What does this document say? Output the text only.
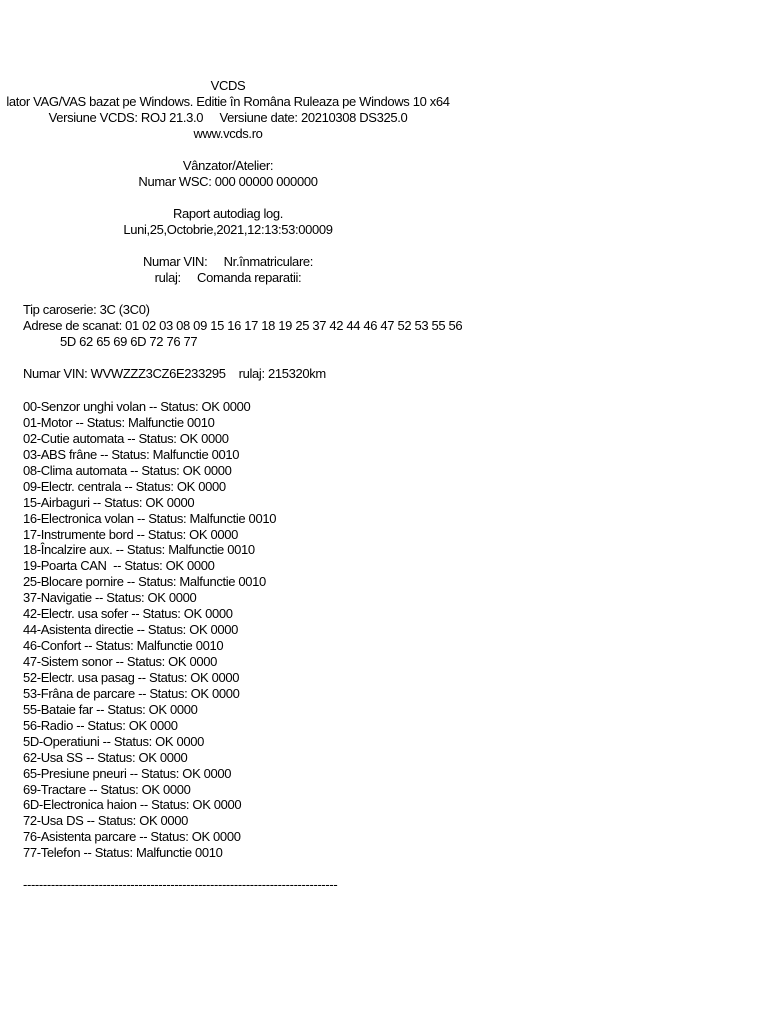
VCDS
lator VAG/VAS bazat pe Windows. Editie în Româna Ruleaza pe Windows 10 x64
Versiune VCDS: ROJ 21.3.0     Versiune date: 20210308 DS325.0
www.vcds.ro
Vânzator/Atelier:
Numar WSC: 000 00000 000000
Raport autodiag log.
Luni,25,Octobrie,2021,12:13:53:00009
Numar VIN:     Nr.înmatriculare:
rulaj:     Comanda reparatii:
Tip caroserie: 3C (3C0)
Adrese de scanat: 01 02 03 08 09 15 16 17 18 19 25 37 42 44 46 47 52 53 55 56
5D 62 65 69 6D 72 76 77
Numar VIN: WVWZZZ3CZ6E233295    rulaj: 215320km
00-Senzor unghi volan -- Status: OK 0000
01-Motor -- Status: Malfunctie 0010
02-Cutie automata -- Status: OK 0000
03-ABS frâne -- Status: Malfunctie 0010
08-Clima automata -- Status: OK 0000
09-Electr. centrala -- Status: OK 0000
15-Airbaguri -- Status: OK 0000
16-Electronica volan -- Status: Malfunctie 0010
17-Instrumente bord -- Status: OK 0000
18-Încalzire aux. -- Status: Malfunctie 0010
19-Poarta CAN  -- Status: OK 0000
25-Blocare pornire -- Status: Malfunctie 0010
37-Navigatie -- Status: OK 0000
42-Electr. usa sofer -- Status: OK 0000
44-Asistenta directie -- Status: OK 0000
46-Confort -- Status: Malfunctie 0010
47-Sistem sonor -- Status: OK 0000
52-Electr. usa pasag -- Status: OK 0000
53-Frâna de parcare -- Status: OK 0000
55-Bataie far -- Status: OK 0000
56-Radio -- Status: OK 0000
5D-Operatiuni -- Status: OK 0000
62-Usa SS -- Status: OK 0000
65-Presiune pneuri -- Status: OK 0000
69-Tractare -- Status: OK 0000
6D-Electronica haion -- Status: OK 0000
72-Usa DS -- Status: OK 0000
76-Asistenta parcare -- Status: OK 0000
77-Telefon -- Status: Malfunctie 0010
-------------------------------------------------------------------------------
